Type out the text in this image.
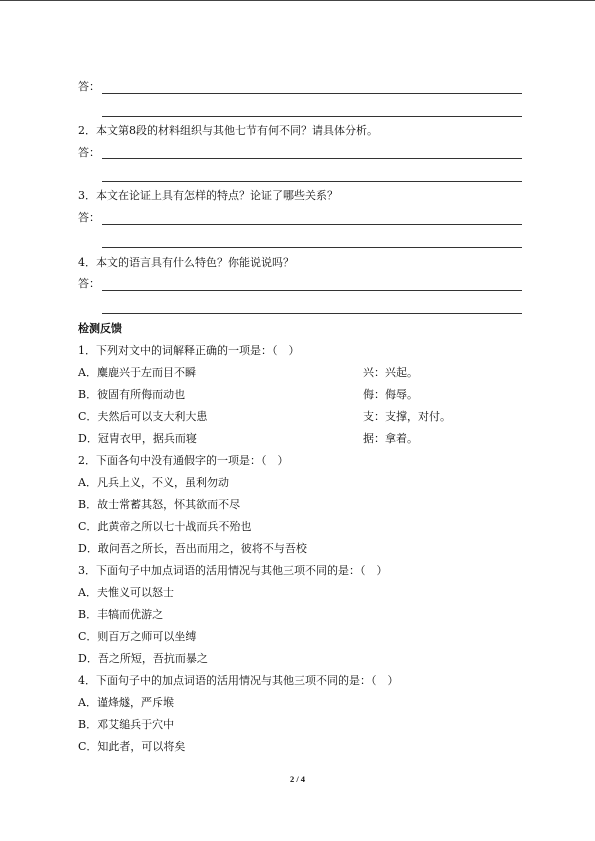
答：
2．本文第8段的材料组织与其他七节有何不同？请具体分析。
答：
3．本文在论证上具有怎样的特点？论证了哪些关系？
答：
4．本文的语言具有什么特色？你能说说吗？
答：
检测反馈
1．下列对文中的词解释正确的一项是：（　）
A．麋鹿兴于左而目不瞬	兴：兴起。
B．彼固有所侮而动也	侮：侮辱。
C．夫然后可以支大利大患	支：支撑，对付。
D．冠胄衣甲，据兵而寝	据：拿着。
2．下面各句中没有通假字的一项是：（　）
A．凡兵上义，不义，虽利勿动
B．故士常蓄其怒，怀其欲而不尽
C．此黄帝之所以七十战而兵不殆也
D．敢问吾之所长，吾出而用之，彼将不与吾校
3．下面句子中加点词语的活用情况与其他三项不同的是：（　）
A．夫惟义可以怒士
B．丰犒而优游之
C．则百万之师可以坐缚
D．吾之所短，吾抗而暴之
4．下面句子中的加点词语的活用情况与其他三项不同的是：（　）
A．谨烽燧，严斥堠
B．邓艾缒兵于穴中
C．知此者，可以将矣
2 / 4
